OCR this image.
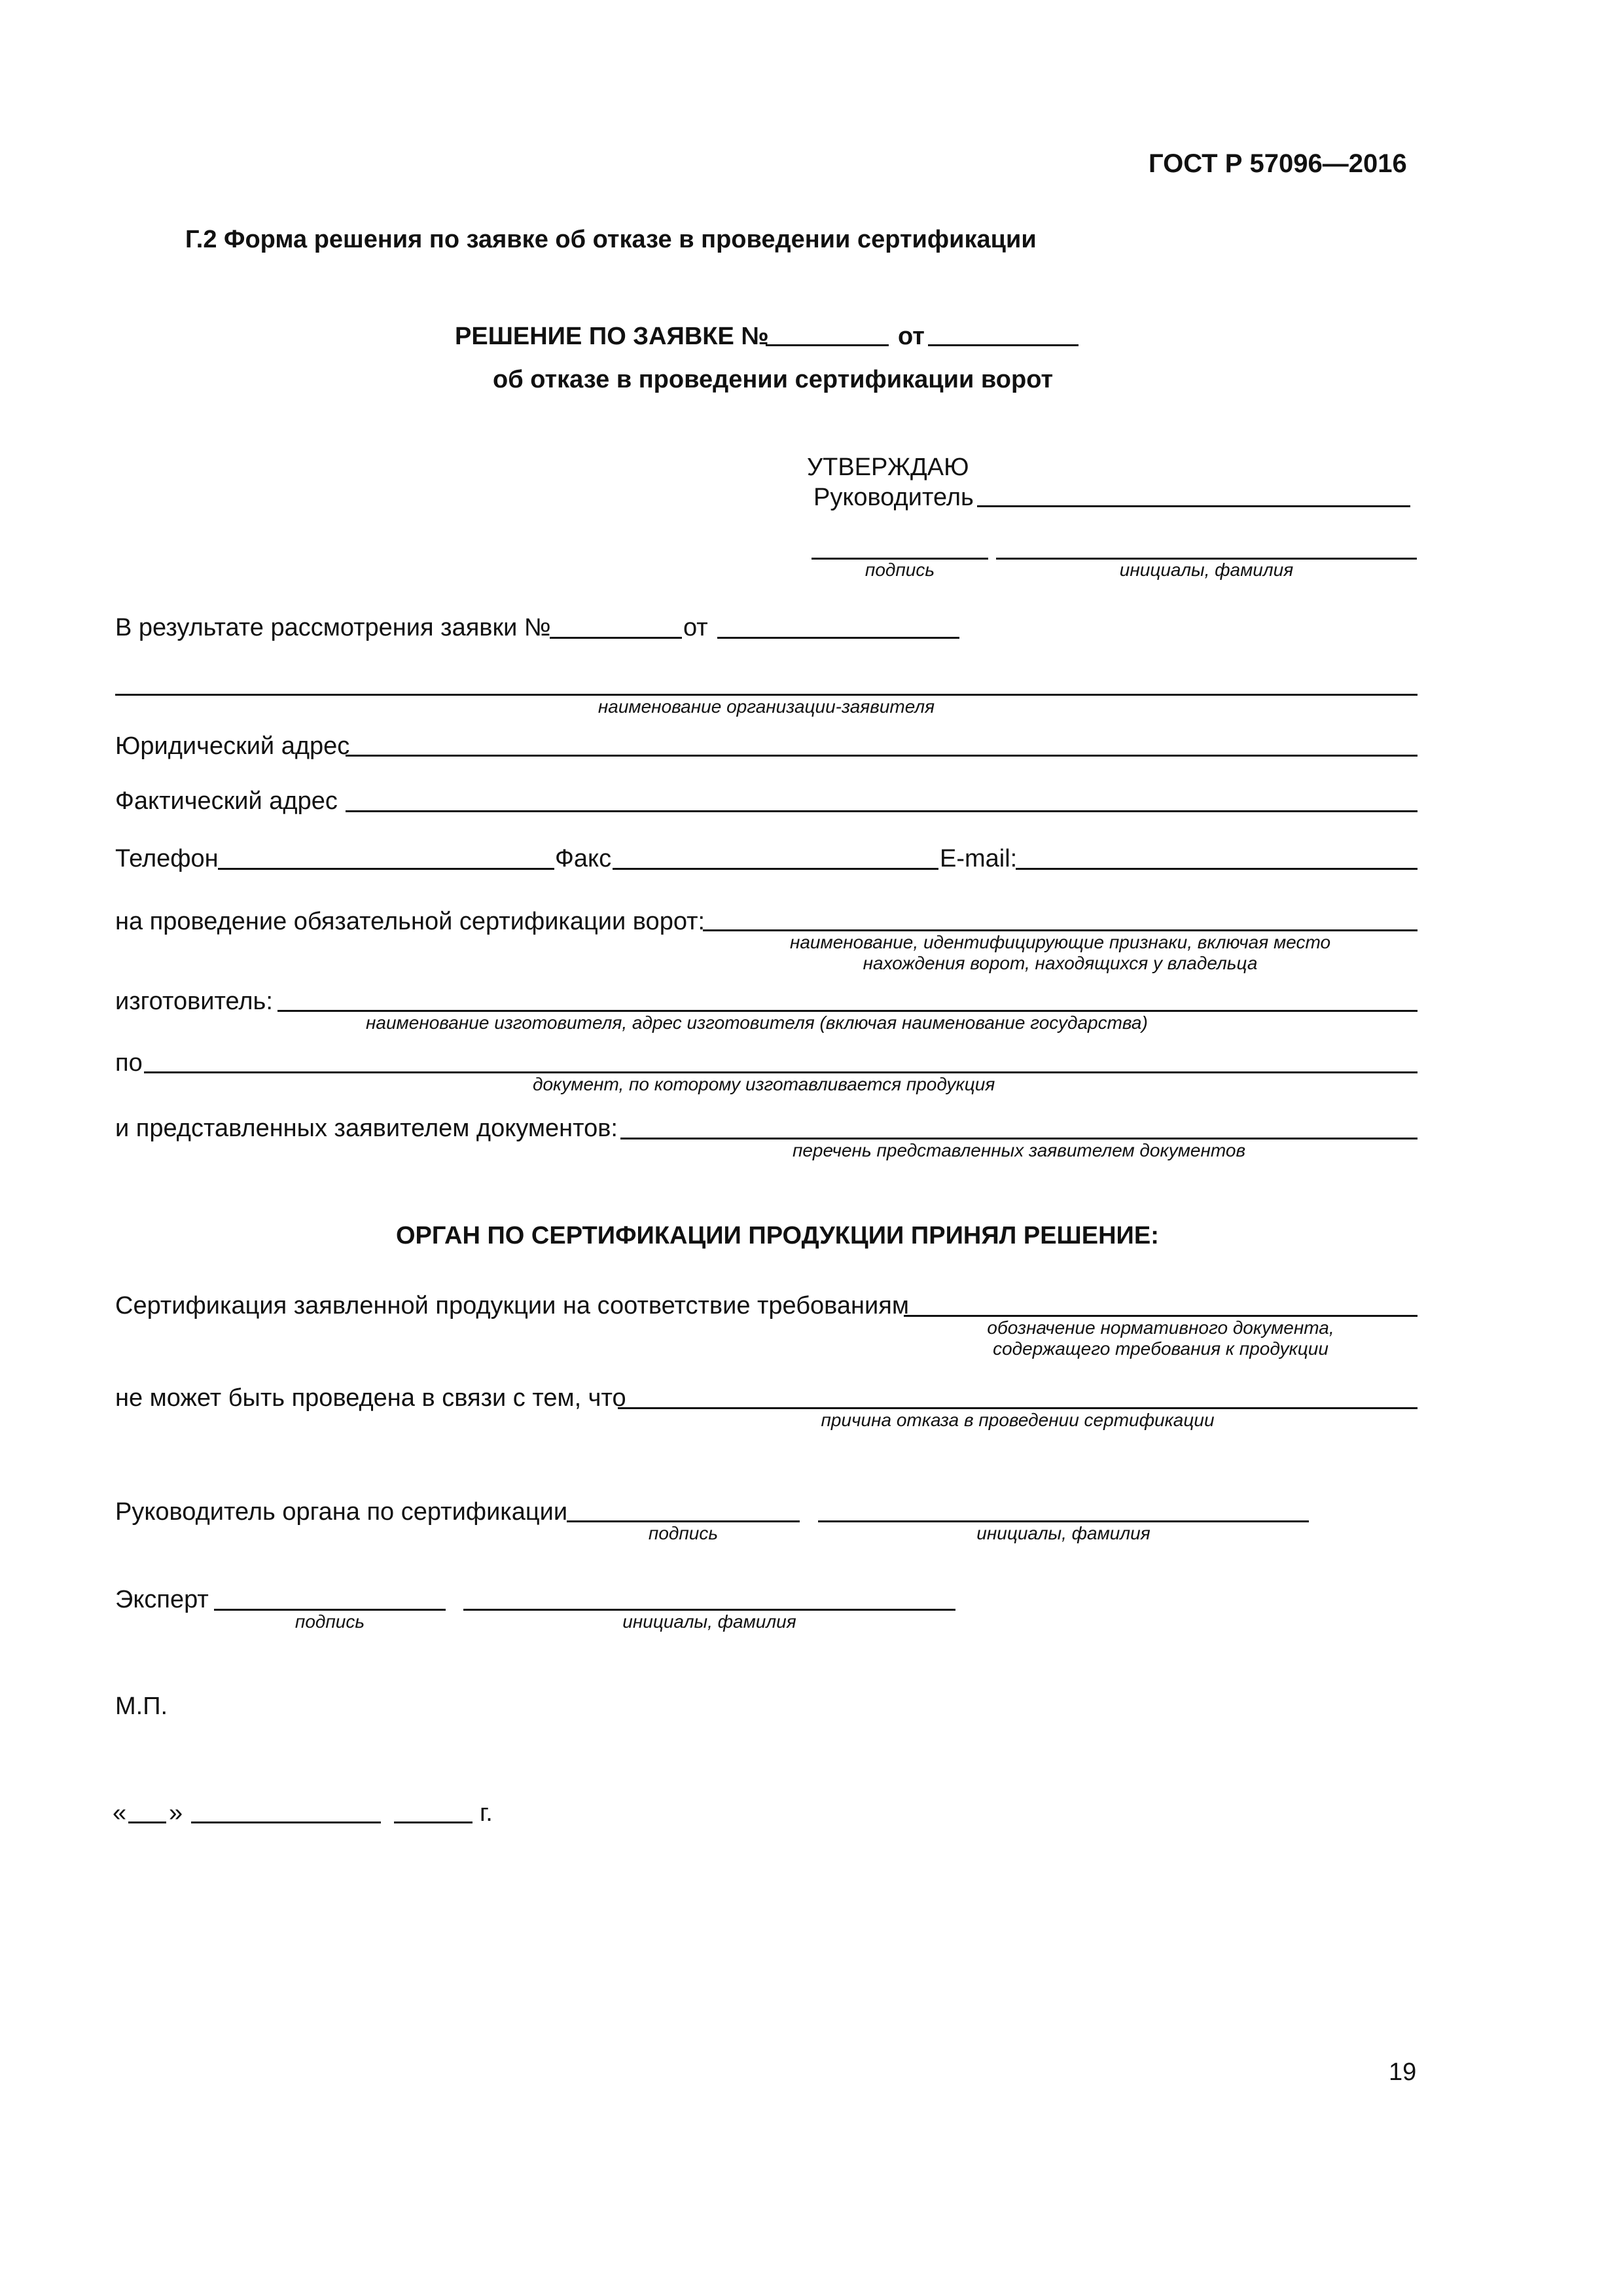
ГОСТ Р 57096—2016
Г.2 Форма решения по заявке об отказе в проведении сертификации
РЕШЕНИЕ ПО ЗАЯВКЕ №	от
об отказе в проведении сертификации ворот
УТВЕРЖДАЮ
Руководитель
подпись	инициалы, фамилия
В результате рассмотрения заявки №	от
наименование организации-заявителя
Юридический адрес
Фактический адрес
Телефон	Факс	E-mail:
на проведение обязательной сертификации ворот:
наименование, идентифицирующие признаки, включая место
нахождения ворот, находящихся у владельца
изготовитель:
наименование изготовителя, адрес изготовителя (включая наименование государства)
по
документ, по которому изготавливается продукция
и представленных заявителем документов:
перечень представленных заявителем документов
ОРГАН ПО СЕРТИФИКАЦИИ ПРОДУКЦИИ ПРИНЯЛ РЕШЕНИЕ:
Сертификация заявленной продукции на соответствие требованиям
обозначение нормативного документа,
содержащего требования к продукции
не может быть проведена в связи с тем, что
причина отказа в проведении сертификации
Руководитель органа по сертификации
подпись	инициалы, фамилия
Эксперт
подпись	инициалы, фамилия
М.П.
« »	г.
19
